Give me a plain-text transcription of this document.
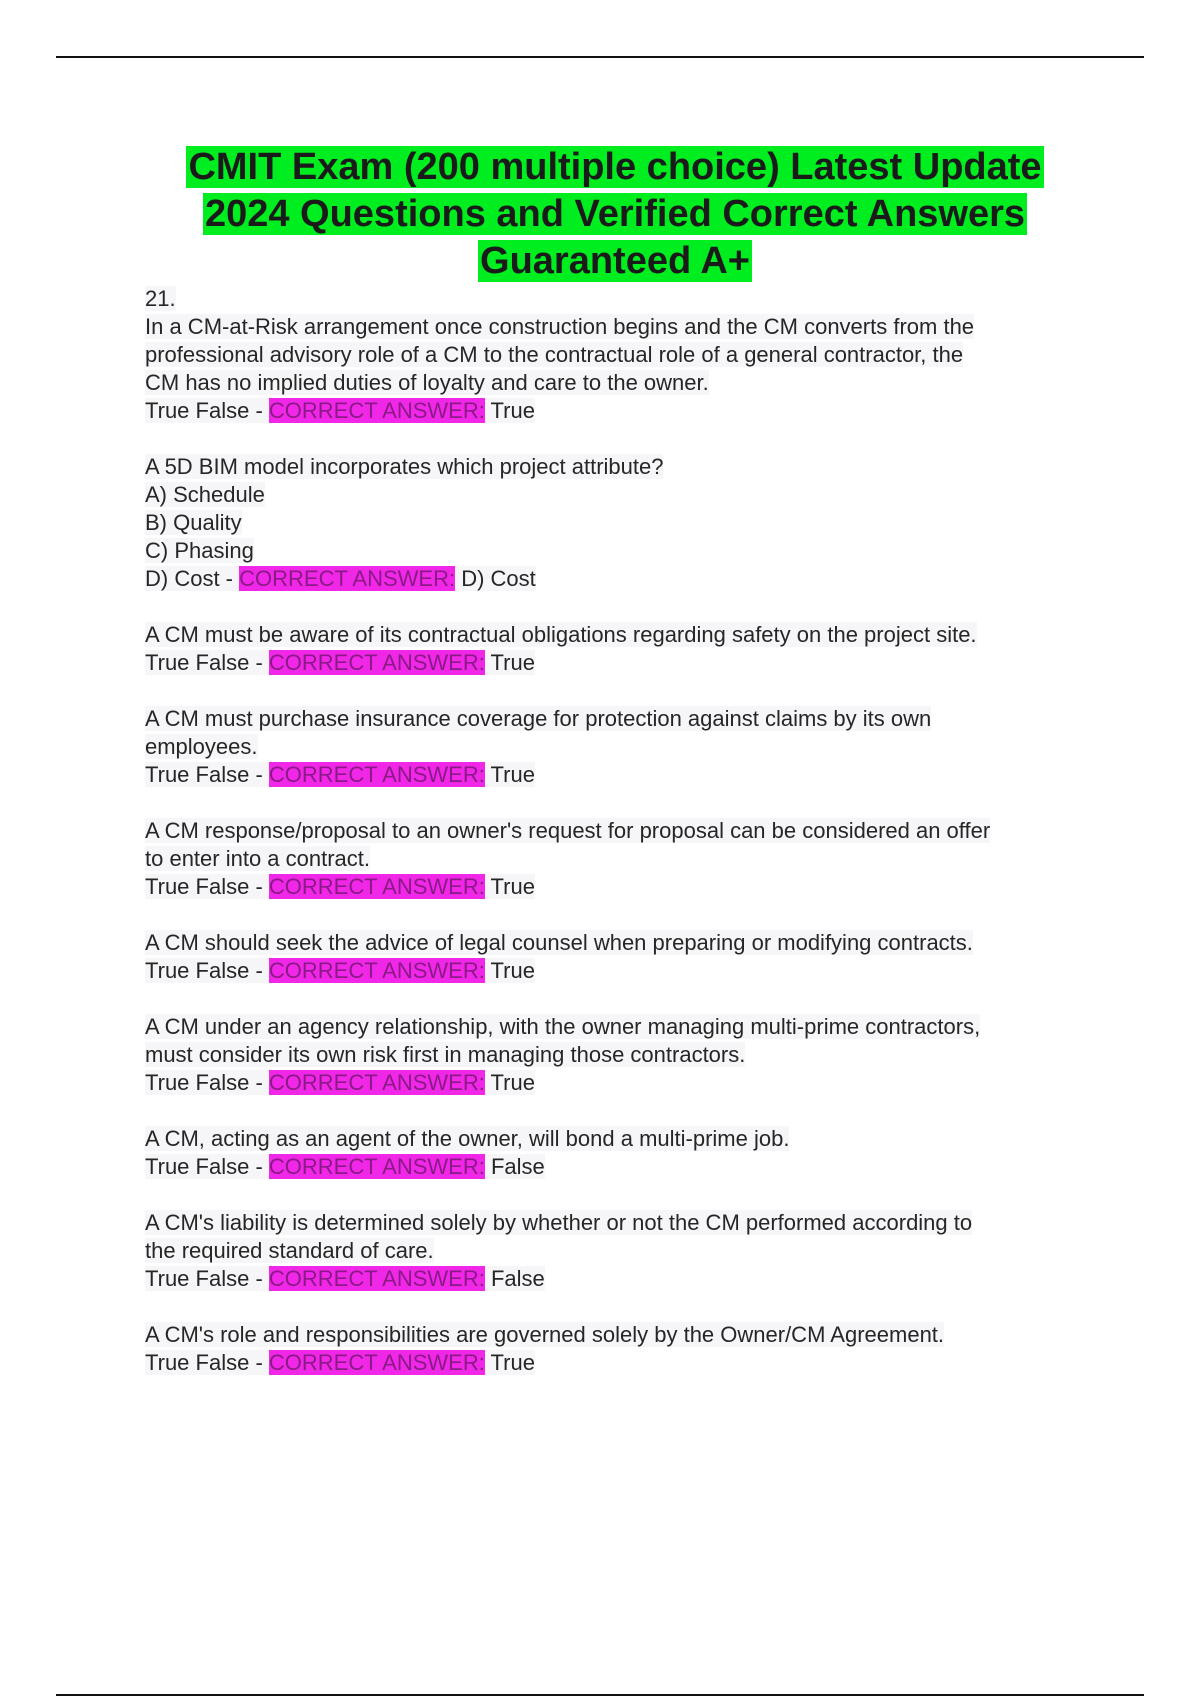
CMIT Exam (200 multiple choice) Latest Update
2024 Questions and Verified Correct Answers
Guaranteed A+
21.
In a CM-at-Risk arrangement once construction begins and the CM converts from the
professional advisory role of a CM to the contractual role of a general contractor, the
CM has no implied duties of loyalty and care to the owner.
True False - CORRECT ANSWER: True
A 5D BIM model incorporates which project attribute?
A) Schedule
B) Quality
C) Phasing
D) Cost - CORRECT ANSWER: D) Cost
A CM must be aware of its contractual obligations regarding safety on the project site.
True False - CORRECT ANSWER: True
A CM must purchase insurance coverage for protection against claims by its own
employees.
True False - CORRECT ANSWER: True
A CM response/proposal to an owner's request for proposal can be considered an offer
to enter into a contract.
True False - CORRECT ANSWER: True
A CM should seek the advice of legal counsel when preparing or modifying contracts.
True False - CORRECT ANSWER: True
A CM under an agency relationship, with the owner managing multi-prime contractors,
must consider its own risk first in managing those contractors.
True False - CORRECT ANSWER: True
A CM, acting as an agent of the owner, will bond a multi-prime job.
True False - CORRECT ANSWER: False
A CM's liability is determined solely by whether or not the CM performed according to
the required standard of care.
True False - CORRECT ANSWER: False
A CM's role and responsibilities are governed solely by the Owner/CM Agreement.
True False - CORRECT ANSWER: True
